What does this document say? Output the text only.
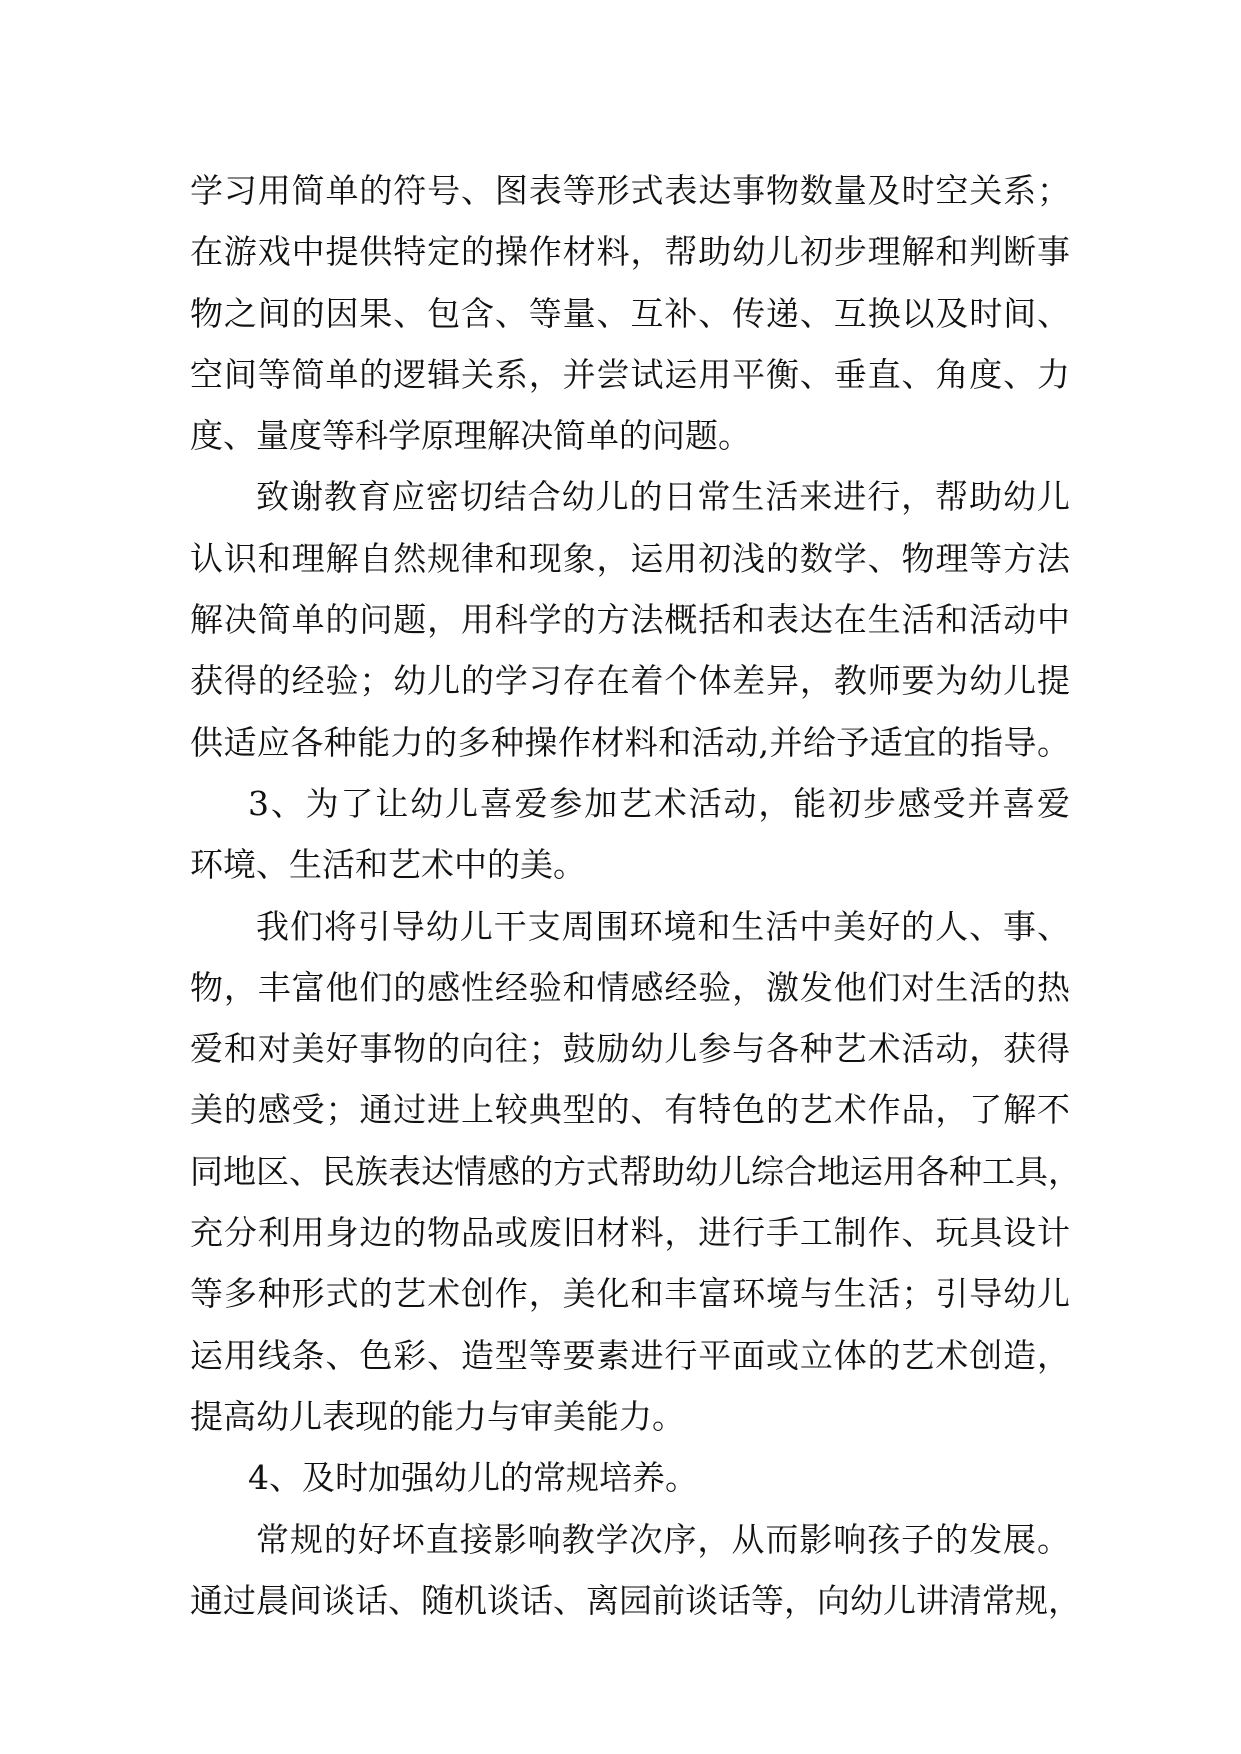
学习用简单的符号、图表等形式表达事物数量及时空关系；
在游戏中提供特定的操作材料，帮助幼儿初步理解和判断事
物之间的因果、包含、等量、互补、传递、互换以及时间、
空间等简单的逻辑关系，并尝试运用平衡、垂直、角度、力
度、量度等科学原理解决简单的问题。
致谢教育应密切结合幼儿的日常生活来进行，帮助幼儿
认识和理解自然规律和现象，运用初浅的数学、物理等方法
解决简单的问题，用科学的方法概括和表达在生活和活动中
获得的经验；幼儿的学习存在着个体差异，教师要为幼儿提
供适应各种能力的多种操作材料和活动,并给予适宜的指导。
3、为了让幼儿喜爱参加艺术活动，能初步感受并喜爱
环境、生活和艺术中的美。
我们将引导幼儿干支周围环境和生活中美好的人、事、
物，丰富他们的感性经验和情感经验，激发他们对生活的热
爱和对美好事物的向往；鼓励幼儿参与各种艺术活动，获得
美的感受；通过进上较典型的、有特色的艺术作品，了解不
同地区、民族表达情感的方式帮助幼儿综合地运用各种工具，
充分利用身边的物品或废旧材料，进行手工制作、玩具设计
等多种形式的艺术创作，美化和丰富环境与生活；引导幼儿
运用线条、色彩、造型等要素进行平面或立体的艺术创造，
提高幼儿表现的能力与审美能力。
4、及时加强幼儿的常规培养。
常规的好坏直接影响教学次序，从而影响孩子的发展。
通过晨间谈话、随机谈话、离园前谈话等，向幼儿讲清常规，
